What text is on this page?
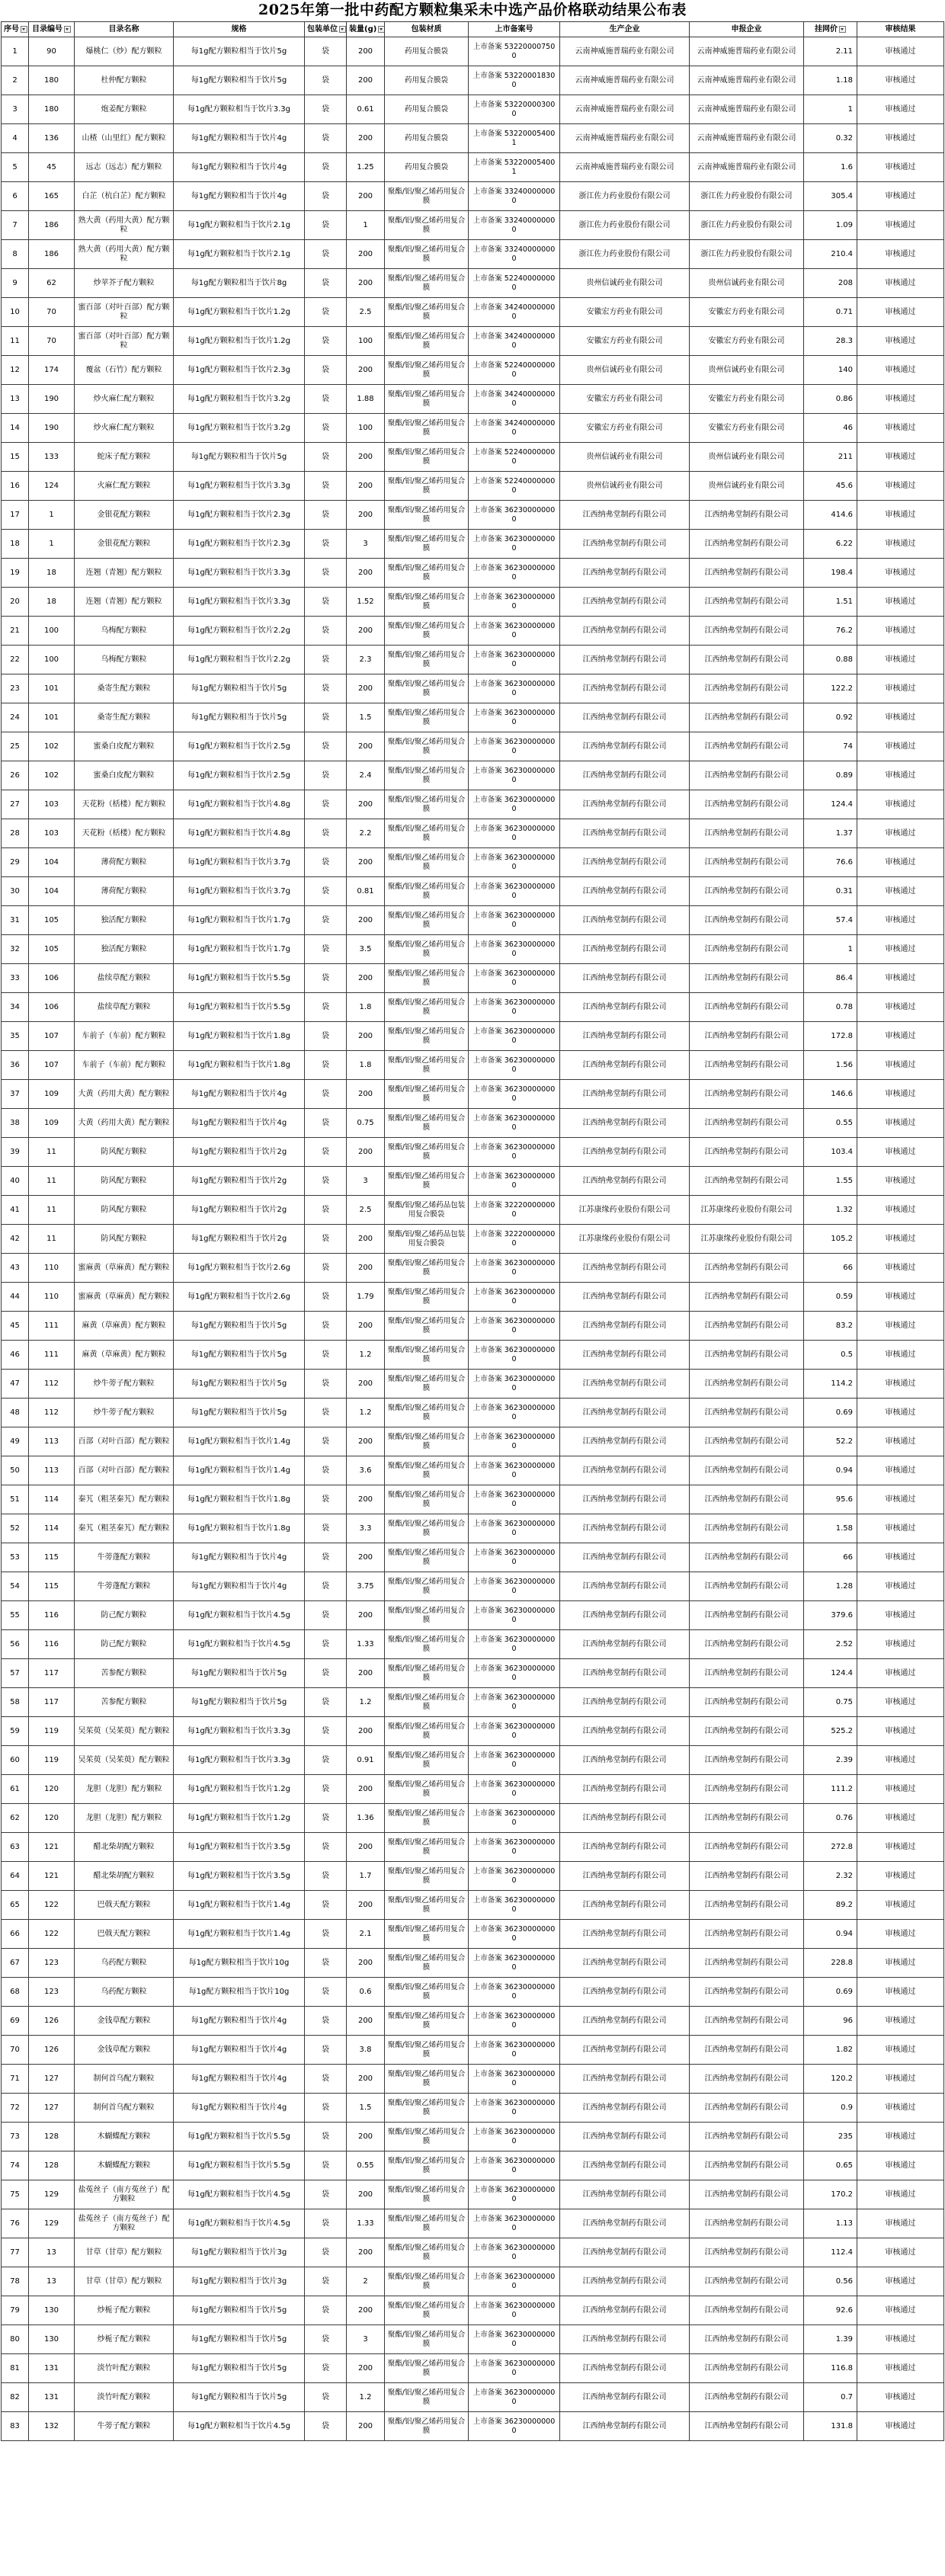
2025年第一批中药配方颗粒集采未中选产品价格联动结果公布表
序号	目录编号	目录名称	规格	包装单位	装量(g)	包装材质	上市备案号	生产企业	申报企业	挂网价	审核结果

1	90	爆桃仁（炒）配方颗粒	每1g配方颗粒相当于饮片5g	袋	200	药用复合膜袋	上市备案 532200007500	云南神威施普瑞药业有限公司	云南神威施普瑞药业有限公司	2.11	审核通过
2	180	杜仲配方颗粒	每1g配方颗粒相当于饮片5g	袋	200	药用复合膜袋	上市备案 532200018300	云南神威施普瑞药业有限公司	云南神威施普瑞药业有限公司	1.18	审核通过
3	180	炮姜配方颗粒	每1g配方颗粒相当于饮片3.3g	袋	0.61	药用复合膜袋	上市备案 532200003000	云南神威施普瑞药业有限公司	云南神威施普瑞药业有限公司	1	审核通过
4	136	山楂（山里红）配方颗粒	每1g配方颗粒相当于饮片4g	袋	200	药用复合膜袋	上市备案 532200054001	云南神威施普瑞药业有限公司	云南神威施普瑞药业有限公司	0.32	审核通过
5	45	远志（远志）配方颗粒	每1g配方颗粒相当于饮片4g	袋	1.25	药用复合膜袋	上市备案 532200054001	云南神威施普瑞药业有限公司	云南神威施普瑞药业有限公司	1.6	审核通过
6	165	白芷（杭白芷）配方颗粒	每1g配方颗粒相当于饮片4g	袋	200	聚酯/铝/聚乙烯药用复合膜	上市备案 332400000000	浙江佐力药业股份有限公司	浙江佐力药业股份有限公司	305.4	审核通过
7	186	熟大黄（药用大黄）配方颗粒	每1g配方颗粒相当于饮片2.1g	袋	1	聚酯/铝/聚乙烯药用复合膜	上市备案 332400000000	浙江佐力药业股份有限公司	浙江佐力药业股份有限公司	1.09	审核通过
8	186	熟大黄（药用大黄）配方颗粒	每1g配方颗粒相当于饮片2.1g	袋	200	聚酯/铝/聚乙烯药用复合膜	上市备案 332400000000	浙江佐力药业股份有限公司	浙江佐力药业股份有限公司	210.4	审核通过
9	62	炒苹芥子配方颗粒	每1g配方颗粒相当于饮片8g	袋	200	聚酯/铝/聚乙烯药用复合膜	上市备案 522400000000	贵州信诚药业有限公司	贵州信诚药业有限公司	208	审核通过
10	70	蜜百部（对叶百部）配方颗粒	每1g配方颗粒相当于饮片1.2g	袋	2.5	聚酯/铝/聚乙烯药用复合膜	上市备案 342400000000	安徽宏方药业有限公司	安徽宏方药业有限公司	0.71	审核通过
11	70	蜜百部（对叶百部）配方颗粒	每1g配方颗粒相当于饮片1.2g	袋	100	聚酯/铝/聚乙烯药用复合膜	上市备案 342400000000	安徽宏方药业有限公司	安徽宏方药业有限公司	28.3	审核通过
12	174	覆盆（石竹）配方颗粒	每1g配方颗粒相当于饮片2.3g	袋	200	聚酯/铝/聚乙烯药用复合膜	上市备案 522400000000	贵州信诚药业有限公司	贵州信诚药业有限公司	140	审核通过
13	190	炒火麻仁配方颗粒	每1g配方颗粒相当于饮片3.2g	袋	1.88	聚酯/铝/聚乙烯药用复合膜	上市备案 342400000000	安徽宏方药业有限公司	安徽宏方药业有限公司	0.86	审核通过
14	190	炒火麻仁配方颗粒	每1g配方颗粒相当于饮片3.2g	袋	100	聚酯/铝/聚乙烯药用复合膜	上市备案 342400000000	安徽宏方药业有限公司	安徽宏方药业有限公司	46	审核通过
15	133	蛇床子配方颗粒	每1g配方颗粒相当于饮片5g	袋	200	聚酯/铝/聚乙烯药用复合膜	上市备案 522400000000	贵州信诚药业有限公司	贵州信诚药业有限公司	211	审核通过
16	124	火麻仁配方颗粒	每1g配方颗粒相当于饮片3.3g	袋	200	聚酯/铝/聚乙烯药用复合膜	上市备案 522400000000	贵州信诚药业有限公司	贵州信诚药业有限公司	45.6	审核通过
17	1	金银花配方颗粒	每1g配方颗粒相当于饮片2.3g	袋	200	聚酯/铝/聚乙烯药用复合膜	上市备案 362300000000	江西纳弗堂制药有限公司	江西纳弗堂制药有限公司	414.6	审核通过
18	1	金银花配方颗粒	每1g配方颗粒相当于饮片2.3g	袋	3	聚酯/铝/聚乙烯药用复合膜	上市备案 362300000000	江西纳弗堂制药有限公司	江西纳弗堂制药有限公司	6.22	审核通过
19	18	连翘（青翘）配方颗粒	每1g配方颗粒相当于饮片3.3g	袋	200	聚酯/铝/聚乙烯药用复合膜	上市备案 362300000000	江西纳弗堂制药有限公司	江西纳弗堂制药有限公司	198.4	审核通过
20	18	连翘（青翘）配方颗粒	每1g配方颗粒相当于饮片3.3g	袋	1.52	聚酯/铝/聚乙烯药用复合膜	上市备案 362300000000	江西纳弗堂制药有限公司	江西纳弗堂制药有限公司	1.51	审核通过
21	100	乌梅配方颗粒	每1g配方颗粒相当于饮片2.2g	袋	200	聚酯/铝/聚乙烯药用复合膜	上市备案 362300000000	江西纳弗堂制药有限公司	江西纳弗堂制药有限公司	76.2	审核通过
22	100	乌梅配方颗粒	每1g配方颗粒相当于饮片2.2g	袋	2.3	聚酯/铝/聚乙烯药用复合膜	上市备案 362300000000	江西纳弗堂制药有限公司	江西纳弗堂制药有限公司	0.88	审核通过
23	101	桑寄生配方颗粒	每1g配方颗粒相当于饮片5g	袋	200	聚酯/铝/聚乙烯药用复合膜	上市备案 362300000000	江西纳弗堂制药有限公司	江西纳弗堂制药有限公司	122.2	审核通过
24	101	桑寄生配方颗粒	每1g配方颗粒相当于饮片5g	袋	1.5	聚酯/铝/聚乙烯药用复合膜	上市备案 362300000000	江西纳弗堂制药有限公司	江西纳弗堂制药有限公司	0.92	审核通过
25	102	蜜桑白皮配方颗粒	每1g配方颗粒相当于饮片2.5g	袋	200	聚酯/铝/聚乙烯药用复合膜	上市备案 362300000000	江西纳弗堂制药有限公司	江西纳弗堂制药有限公司	74	审核通过
26	102	蜜桑白皮配方颗粒	每1g配方颗粒相当于饮片2.5g	袋	2.4	聚酯/铝/聚乙烯药用复合膜	上市备案 362300000000	江西纳弗堂制药有限公司	江西纳弗堂制药有限公司	0.89	审核通过
27	103	天花粉（栝楼）配方颗粒	每1g配方颗粒相当于饮片4.8g	袋	200	聚酯/铝/聚乙烯药用复合膜	上市备案 362300000000	江西纳弗堂制药有限公司	江西纳弗堂制药有限公司	124.4	审核通过
28	103	天花粉（栝楼）配方颗粒	每1g配方颗粒相当于饮片4.8g	袋	2.2	聚酯/铝/聚乙烯药用复合膜	上市备案 362300000000	江西纳弗堂制药有限公司	江西纳弗堂制药有限公司	1.37	审核通过
29	104	薄荷配方颗粒	每1g配方颗粒相当于饮片3.7g	袋	200	聚酯/铝/聚乙烯药用复合膜	上市备案 362300000000	江西纳弗堂制药有限公司	江西纳弗堂制药有限公司	76.6	审核通过
30	104	薄荷配方颗粒	每1g配方颗粒相当于饮片3.7g	袋	0.81	聚酯/铝/聚乙烯药用复合膜	上市备案 362300000000	江西纳弗堂制药有限公司	江西纳弗堂制药有限公司	0.31	审核通过
31	105	独活配方颗粒	每1g配方颗粒相当于饮片1.7g	袋	200	聚酯/铝/聚乙烯药用复合膜	上市备案 362300000000	江西纳弗堂制药有限公司	江西纳弗堂制药有限公司	57.4	审核通过
32	105	独活配方颗粒	每1g配方颗粒相当于饮片1.7g	袋	3.5	聚酯/铝/聚乙烯药用复合膜	上市备案 362300000000	江西纳弗堂制药有限公司	江西纳弗堂制药有限公司	1	审核通过
33	106	盐续草配方颗粒	每1g配方颗粒相当于饮片5.5g	袋	200	聚酯/铝/聚乙烯药用复合膜	上市备案 362300000000	江西纳弗堂制药有限公司	江西纳弗堂制药有限公司	86.4	审核通过
34	106	盐续草配方颗粒	每1g配方颗粒相当于饮片5.5g	袋	1.8	聚酯/铝/聚乙烯药用复合膜	上市备案 362300000000	江西纳弗堂制药有限公司	江西纳弗堂制药有限公司	0.78	审核通过
35	107	车前子（车前）配方颗粒	每1g配方颗粒相当于饮片1.8g	袋	200	聚酯/铝/聚乙烯药用复合膜	上市备案 362300000000	江西纳弗堂制药有限公司	江西纳弗堂制药有限公司	172.8	审核通过
36	107	车前子（车前）配方颗粒	每1g配方颗粒相当于饮片1.8g	袋	1.8	聚酯/铝/聚乙烯药用复合膜	上市备案 362300000000	江西纳弗堂制药有限公司	江西纳弗堂制药有限公司	1.56	审核通过
37	109	大黄（药用大黄）配方颗粒	每1g配方颗粒相当于饮片4g	袋	200	聚酯/铝/聚乙烯药用复合膜	上市备案 362300000000	江西纳弗堂制药有限公司	江西纳弗堂制药有限公司	146.6	审核通过
38	109	大黄（药用大黄）配方颗粒	每1g配方颗粒相当于饮片4g	袋	0.75	聚酯/铝/聚乙烯药用复合膜	上市备案 362300000000	江西纳弗堂制药有限公司	江西纳弗堂制药有限公司	0.55	审核通过
39	11	防风配方颗粒	每1g配方颗粒相当于饮片2g	袋	200	聚酯/铝/聚乙烯药用复合膜	上市备案 362300000000	江西纳弗堂制药有限公司	江西纳弗堂制药有限公司	103.4	审核通过
40	11	防风配方颗粒	每1g配方颗粒相当于饮片2g	袋	3	聚酯/铝/聚乙烯药用复合膜	上市备案 362300000000	江西纳弗堂制药有限公司	江西纳弗堂制药有限公司	1.55	审核通过
41	11	防风配方颗粒	每1g配方颗粒相当于饮片2g	袋	2.5	聚酯/铝/聚乙烯药品包装用复合膜袋	上市备案 322200000000	江苏康缘药业股份有限公司	江苏康缘药业股份有限公司	1.32	审核通过
42	11	防风配方颗粒	每1g配方颗粒相当于饮片2g	袋	200	聚酯/铝/聚乙烯药品包装用复合膜袋	上市备案 322200000000	江苏康缘药业股份有限公司	江苏康缘药业股份有限公司	105.2	审核通过
43	110	蜜麻黄（草麻黄）配方颗粒	每1g配方颗粒相当于饮片2.6g	袋	200	聚酯/铝/聚乙烯药用复合膜	上市备案 362300000000	江西纳弗堂制药有限公司	江西纳弗堂制药有限公司	66	审核通过
44	110	蜜麻黄（草麻黄）配方颗粒	每1g配方颗粒相当于饮片2.6g	袋	1.79	聚酯/铝/聚乙烯药用复合膜	上市备案 362300000000	江西纳弗堂制药有限公司	江西纳弗堂制药有限公司	0.59	审核通过
45	111	麻黄（草麻黄）配方颗粒	每1g配方颗粒相当于饮片5g	袋	200	聚酯/铝/聚乙烯药用复合膜	上市备案 362300000000	江西纳弗堂制药有限公司	江西纳弗堂制药有限公司	83.2	审核通过
46	111	麻黄（草麻黄）配方颗粒	每1g配方颗粒相当于饮片5g	袋	1.2	聚酯/铝/聚乙烯药用复合膜	上市备案 362300000000	江西纳弗堂制药有限公司	江西纳弗堂制药有限公司	0.5	审核通过
47	112	炒牛蒡子配方颗粒	每1g配方颗粒相当于饮片5g	袋	200	聚酯/铝/聚乙烯药用复合膜	上市备案 362300000000	江西纳弗堂制药有限公司	江西纳弗堂制药有限公司	114.2	审核通过
48	112	炒牛蒡子配方颗粒	每1g配方颗粒相当于饮片5g	袋	1.2	聚酯/铝/聚乙烯药用复合膜	上市备案 362300000000	江西纳弗堂制药有限公司	江西纳弗堂制药有限公司	0.69	审核通过
49	113	百部（对叶百部）配方颗粒	每1g配方颗粒相当于饮片1.4g	袋	200	聚酯/铝/聚乙烯药用复合膜	上市备案 362300000000	江西纳弗堂制药有限公司	江西纳弗堂制药有限公司	52.2	审核通过
50	113	百部（对叶百部）配方颗粒	每1g配方颗粒相当于饮片1.4g	袋	3.6	聚酯/铝/聚乙烯药用复合膜	上市备案 362300000000	江西纳弗堂制药有限公司	江西纳弗堂制药有限公司	0.94	审核通过
51	114	秦艽（粗茎秦艽）配方颗粒	每1g配方颗粒相当于饮片1.8g	袋	200	聚酯/铝/聚乙烯药用复合膜	上市备案 362300000000	江西纳弗堂制药有限公司	江西纳弗堂制药有限公司	95.6	审核通过
52	114	秦艽（粗茎秦艽）配方颗粒	每1g配方颗粒相当于饮片1.8g	袋	3.3	聚酯/铝/聚乙烯药用复合膜	上市备案 362300000000	江西纳弗堂制药有限公司	江西纳弗堂制药有限公司	1.58	审核通过
53	115	牛蒡蓬配方颗粒	每1g配方颗粒相当于饮片4g	袋	200	聚酯/铝/聚乙烯药用复合膜	上市备案 362300000000	江西纳弗堂制药有限公司	江西纳弗堂制药有限公司	66	审核通过
54	115	牛蒡蓬配方颗粒	每1g配方颗粒相当于饮片4g	袋	3.75	聚酯/铝/聚乙烯药用复合膜	上市备案 362300000000	江西纳弗堂制药有限公司	江西纳弗堂制药有限公司	1.28	审核通过
55	116	防己配方颗粒	每1g配方颗粒相当于饮片4.5g	袋	200	聚酯/铝/聚乙烯药用复合膜	上市备案 362300000000	江西纳弗堂制药有限公司	江西纳弗堂制药有限公司	379.6	审核通过
56	116	防己配方颗粒	每1g配方颗粒相当于饮片4.5g	袋	1.33	聚酯/铝/聚乙烯药用复合膜	上市备案 362300000000	江西纳弗堂制药有限公司	江西纳弗堂制药有限公司	2.52	审核通过
57	117	苦参配方颗粒	每1g配方颗粒相当于饮片5g	袋	200	聚酯/铝/聚乙烯药用复合膜	上市备案 362300000000	江西纳弗堂制药有限公司	江西纳弗堂制药有限公司	124.4	审核通过
58	117	苦参配方颗粒	每1g配方颗粒相当于饮片5g	袋	1.2	聚酯/铝/聚乙烯药用复合膜	上市备案 362300000000	江西纳弗堂制药有限公司	江西纳弗堂制药有限公司	0.75	审核通过
59	119	吴茱萸（吴茱萸）配方颗粒	每1g配方颗粒相当于饮片3.3g	袋	200	聚酯/铝/聚乙烯药用复合膜	上市备案 362300000000	江西纳弗堂制药有限公司	江西纳弗堂制药有限公司	525.2	审核通过
60	119	吴茱萸（吴茱萸）配方颗粒	每1g配方颗粒相当于饮片3.3g	袋	0.91	聚酯/铝/聚乙烯药用复合膜	上市备案 362300000000	江西纳弗堂制药有限公司	江西纳弗堂制药有限公司	2.39	审核通过
61	120	龙胆（龙胆）配方颗粒	每1g配方颗粒相当于饮片1.2g	袋	200	聚酯/铝/聚乙烯药用复合膜	上市备案 362300000000	江西纳弗堂制药有限公司	江西纳弗堂制药有限公司	111.2	审核通过
62	120	龙胆（龙胆）配方颗粒	每1g配方颗粒相当于饮片1.2g	袋	1.36	聚酯/铝/聚乙烯药用复合膜	上市备案 362300000000	江西纳弗堂制药有限公司	江西纳弗堂制药有限公司	0.76	审核通过
63	121	醋北柴胡配方颗粒	每1g配方颗粒相当于饮片3.5g	袋	200	聚酯/铝/聚乙烯药用复合膜	上市备案 362300000000	江西纳弗堂制药有限公司	江西纳弗堂制药有限公司	272.8	审核通过
64	121	醋北柴胡配方颗粒	每1g配方颗粒相当于饮片3.5g	袋	1.7	聚酯/铝/聚乙烯药用复合膜	上市备案 362300000000	江西纳弗堂制药有限公司	江西纳弗堂制药有限公司	2.32	审核通过
65	122	巴戟天配方颗粒	每1g配方颗粒相当于饮片1.4g	袋	200	聚酯/铝/聚乙烯药用复合膜	上市备案 362300000000	江西纳弗堂制药有限公司	江西纳弗堂制药有限公司	89.2	审核通过
66	122	巴戟天配方颗粒	每1g配方颗粒相当于饮片1.4g	袋	2.1	聚酯/铝/聚乙烯药用复合膜	上市备案 362300000000	江西纳弗堂制药有限公司	江西纳弗堂制药有限公司	0.94	审核通过
67	123	乌药配方颗粒	每1g配方颗粒相当于饮片10g	袋	200	聚酯/铝/聚乙烯药用复合膜	上市备案 362300000000	江西纳弗堂制药有限公司	江西纳弗堂制药有限公司	228.8	审核通过
68	123	乌药配方颗粒	每1g配方颗粒相当于饮片10g	袋	0.6	聚酯/铝/聚乙烯药用复合膜	上市备案 362300000000	江西纳弗堂制药有限公司	江西纳弗堂制药有限公司	0.69	审核通过
69	126	金钱草配方颗粒	每1g配方颗粒相当于饮片4g	袋	200	聚酯/铝/聚乙烯药用复合膜	上市备案 362300000000	江西纳弗堂制药有限公司	江西纳弗堂制药有限公司	96	审核通过
70	126	金钱草配方颗粒	每1g配方颗粒相当于饮片4g	袋	3.8	聚酯/铝/聚乙烯药用复合膜	上市备案 362300000000	江西纳弗堂制药有限公司	江西纳弗堂制药有限公司	1.82	审核通过
71	127	制何首乌配方颗粒	每1g配方颗粒相当于饮片4g	袋	200	聚酯/铝/聚乙烯药用复合膜	上市备案 362300000000	江西纳弗堂制药有限公司	江西纳弗堂制药有限公司	120.2	审核通过
72	127	制何首乌配方颗粒	每1g配方颗粒相当于饮片4g	袋	1.5	聚酯/铝/聚乙烯药用复合膜	上市备案 362300000000	江西纳弗堂制药有限公司	江西纳弗堂制药有限公司	0.9	审核通过
73	128	木蝴蝶配方颗粒	每1g配方颗粒相当于饮片5.5g	袋	200	聚酯/铝/聚乙烯药用复合膜	上市备案 362300000000	江西纳弗堂制药有限公司	江西纳弗堂制药有限公司	235	审核通过
74	128	木蝴蝶配方颗粒	每1g配方颗粒相当于饮片5.5g	袋	0.55	聚酯/铝/聚乙烯药用复合膜	上市备案 362300000000	江西纳弗堂制药有限公司	江西纳弗堂制药有限公司	0.65	审核通过
75	129	盐菟丝子（南方菟丝子）配方颗粒	每1g配方颗粒相当于饮片4.5g	袋	200	聚酯/铝/聚乙烯药用复合膜	上市备案 362300000000	江西纳弗堂制药有限公司	江西纳弗堂制药有限公司	170.2	审核通过
76	129	盐菟丝子（南方菟丝子）配方颗粒	每1g配方颗粒相当于饮片4.5g	袋	1.33	聚酯/铝/聚乙烯药用复合膜	上市备案 362300000000	江西纳弗堂制药有限公司	江西纳弗堂制药有限公司	1.13	审核通过
77	13	甘草（甘草）配方颗粒	每1g配方颗粒相当于饮片3g	袋	200	聚酯/铝/聚乙烯药用复合膜	上市备案 362300000000	江西纳弗堂制药有限公司	江西纳弗堂制药有限公司	112.4	审核通过
78	13	甘草（甘草）配方颗粒	每1g配方颗粒相当于饮片3g	袋	2	聚酯/铝/聚乙烯药用复合膜	上市备案 362300000000	江西纳弗堂制药有限公司	江西纳弗堂制药有限公司	0.56	审核通过
79	130	炒栀子配方颗粒	每1g配方颗粒相当于饮片5g	袋	200	聚酯/铝/聚乙烯药用复合膜	上市备案 362300000000	江西纳弗堂制药有限公司	江西纳弗堂制药有限公司	92.6	审核通过
80	130	炒栀子配方颗粒	每1g配方颗粒相当于饮片5g	袋	3	聚酯/铝/聚乙烯药用复合膜	上市备案 362300000000	江西纳弗堂制药有限公司	江西纳弗堂制药有限公司	1.39	审核通过
81	131	淡竹叶配方颗粒	每1g配方颗粒相当于饮片5g	袋	200	聚酯/铝/聚乙烯药用复合膜	上市备案 362300000000	江西纳弗堂制药有限公司	江西纳弗堂制药有限公司	116.8	审核通过
82	131	淡竹叶配方颗粒	每1g配方颗粒相当于饮片5g	袋	1.2	聚酯/铝/聚乙烯药用复合膜	上市备案 362300000000	江西纳弗堂制药有限公司	江西纳弗堂制药有限公司	0.7	审核通过
83	132	牛蒡子配方颗粒	每1g配方颗粒相当于饮片4.5g	袋	200	聚酯/铝/聚乙烯药用复合膜	上市备案 362300000000	江西纳弗堂制药有限公司	江西纳弗堂制药有限公司	131.8	审核通过
